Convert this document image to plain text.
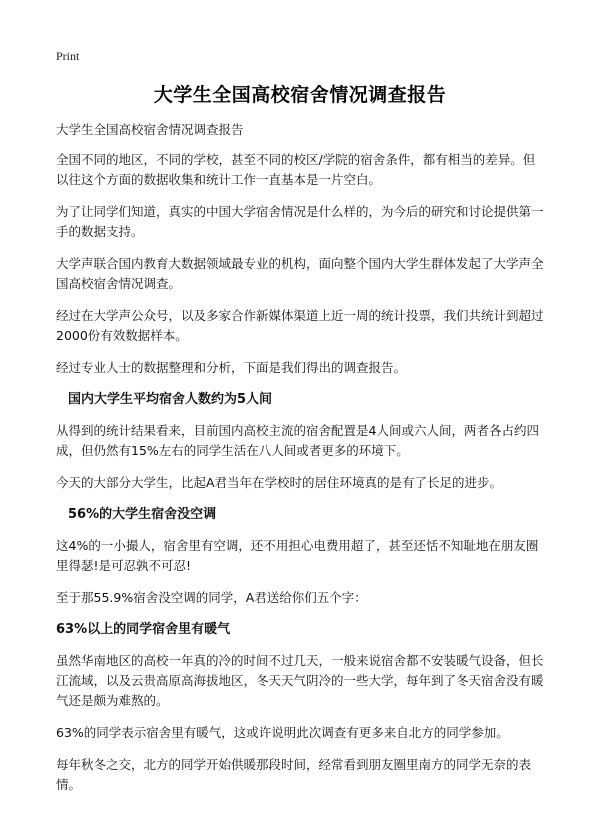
Print
大学生全国高校宿舍情况调查报告
大学生全国高校宿舍情况调查报告
全国不同的地区，不同的学校，甚至不同的校区/学院的宿舍条件，都有相当的差异。但以往这个方面的数据收集和统计工作一直基本是一片空白。
为了让同学们知道，真实的中国大学宿舍情况是什么样的，为今后的研究和讨论提供第一手的数据支持。
大学声联合国内教育大数据领域最专业的机构，面向整个国内大学生群体发起了大学声全国高校宿舍情况调查。
经过在大学声公众号，以及多家合作新媒体渠道上近一周的统计投票，我们共统计到超过2000份有效数据样本。
经过专业人士的数据整理和分析，下面是我们得出的调查报告。
国内大学生平均宿舍人数约为5人间
从得到的统计结果看来，目前国内高校主流的宿舍配置是4人间或六人间，两者各占约四成，但仍然有15%左右的同学生活在八人间或者更多的环境下。
今天的大部分大学生，比起A君当年在学校时的居住环境真的是有了长足的进步。
56%的大学生宿舍没空调
这4%的一小撮人，宿舍里有空调，还不用担心电费用超了，甚至还恬不知耻地在朋友圈里得瑟!是可忍孰不可忍!
至于那55.9%宿舍没空调的同学，A君送给你们五个字：
63%以上的同学宿舍里有暖气
虽然华南地区的高校一年真的冷的时间不过几天，一般来说宿舍都不安装暖气设备，但长江流域，以及云贵高原高海拔地区，冬天天气阴冷的一些大学，每年到了冬天宿舍没有暖气还是颇为难熬的。
63%的同学表示宿舍里有暖气，这或许说明此次调查有更多来自北方的同学参加。
每年秋冬之交，北方的同学开始供暖那段时间，经常看到朋友圈里南方的同学无奈的表情。
